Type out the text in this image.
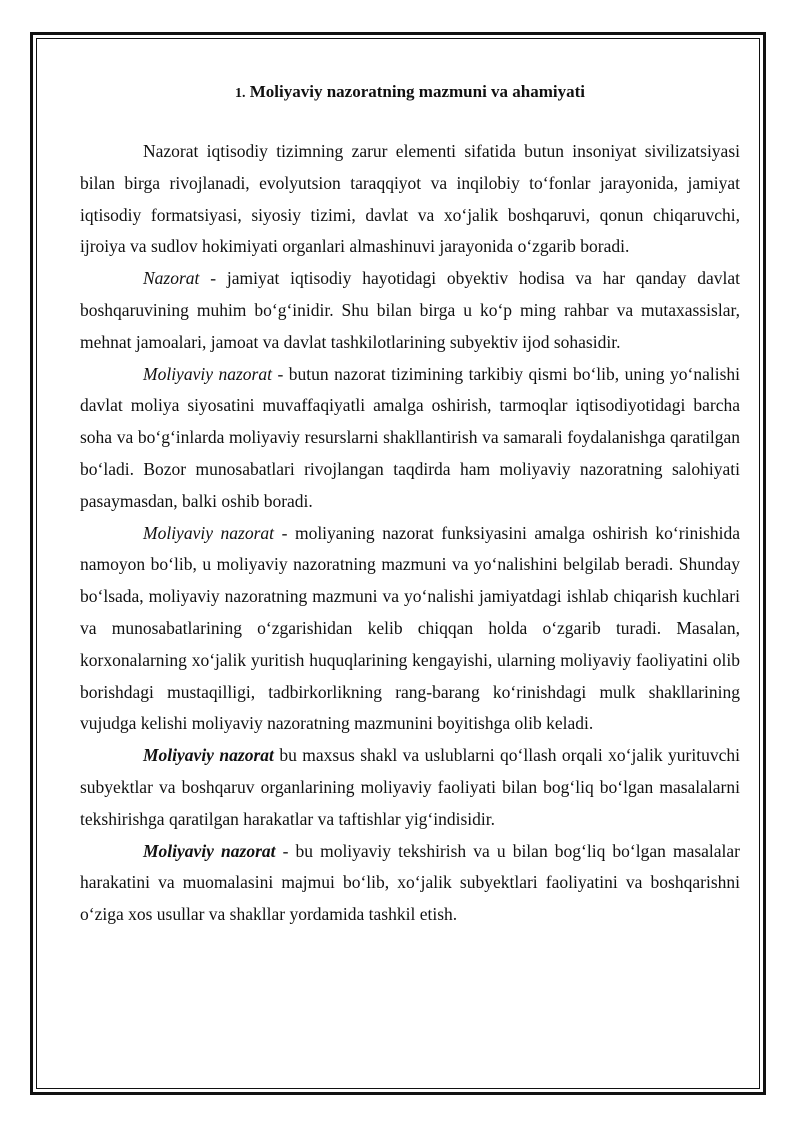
1. Moliyaviy nazoratning mazmuni va ahamiyati

Nazorat iqtisodiy tizimning zarur elementi sifatida butun insoniyat sivilizatsiyasi bilan birga rivojlanadi, evolyutsion taraqqiyot va inqilobiy to‘fonlar jarayonida, jamiyat iqtisodiy formatsiyasi, siyosiy tizimi, davlat va xo‘jalik boshqaruvi, qonun chiqaruvchi, ijroiya va sudlov hokimiyati organlari almashinuvi jarayonida o‘zgarib boradi.

Nazorat - jamiyat iqtisodiy hayotidagi obyektiv hodisa va har qanday davlat boshqaruvining muhim bo‘g‘inidir. Shu bilan birga u ko‘p ming rahbar va mutaxassislar, mehnat jamoalari, jamoat va davlat tashkilotlarining subyektiv ijod sohasidir.

Moliyaviy nazorat - butun nazorat tizimining tarkibiy qismi bo‘lib, uning yo‘nalishi davlat moliya siyosatini muvaffaqiyatli amalga oshirish, tarmoqlar iqtisodiyotidagi barcha soha va bo‘g‘inlarda moliyaviy resurslarni shakllantirish va samarali foydalanishga qaratilgan bo‘ladi. Bozor munosabatlari rivojlangan taqdirda ham moliyaviy nazoratning salohiyati pasaymasdan, balki oshib boradi.

Moliyaviy nazorat - moliyaning nazorat funksiyasini amalga oshirish ko‘rinishida namoyon bo‘lib, u moliyaviy nazoratning mazmuni va yo‘nalishini belgilab beradi. Shunday bo‘lsada, moliyaviy nazoratning mazmuni va yo‘nalishi jamiyatdagi ishlab chiqarish kuchlari va munosabatlarining o‘zgarishidan kelib chiqqan holda o‘zgarib turadi. Masalan, korxonalarning xo‘jalik yuritish huquqlarining kengayishi, ularning moliyaviy faoliyatini olib borishdagi mustaqilligi, tadbirkorlikning rang-barang ko‘rinishdagi mulk shakllarining vujudga kelishi moliyaviy nazoratning mazmunini boyitishga olib keladi.

Moliyaviy nazorat bu maxsus shakl va uslublarni qo‘llash orqali xo‘jalik yurituvchi subyektlar va boshqaruv organlarining moliyaviy faoliyati bilan bog‘liq bo‘lgan masalalarni tekshirishga qaratilgan harakatlar va taftishlar yig‘indisidir.

Moliyaviy nazorat - bu moliyaviy tekshirish va u bilan bog‘liq bo‘lgan masalalar harakatini va muomalasini majmui bo‘lib, xo‘jalik subyektlari faoliyatini va boshqarishni o‘ziga xos usullar va shakllar yordamida tashkil etish.
